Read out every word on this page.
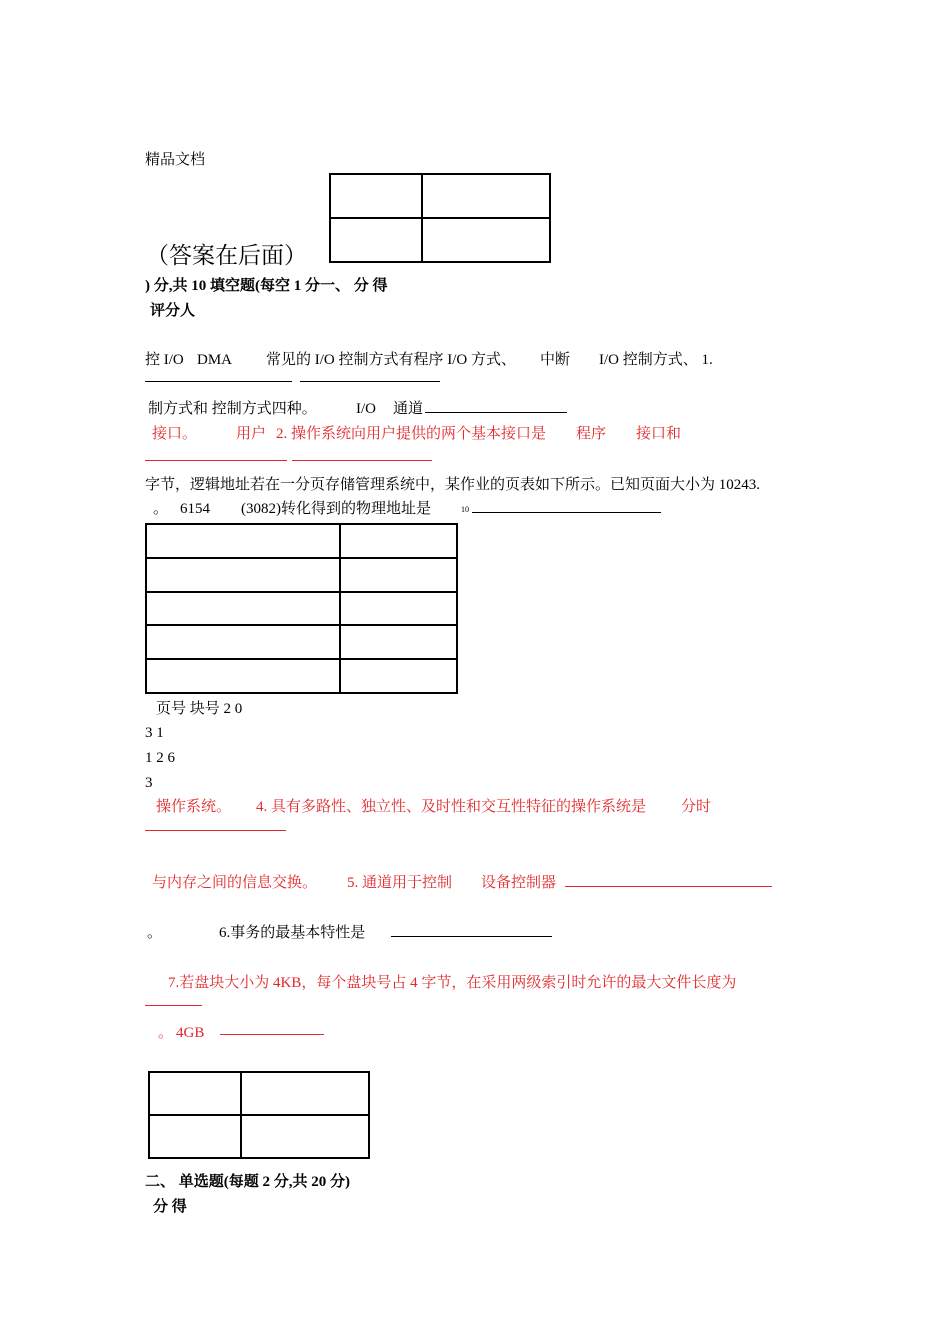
精品文档

（答案在后面）
) 分,共 10 填空题(每空 1 分一、 分 得
评分人
控 I/O DMA 常见的 I/O 控制方式有程序 I/O 方式、 中断 I/O 控制方式、 1.
制方式和 控制方式四种。	I/O 通道
接口。	用户 2. 操作系统向用户提供的两个基本接口是 程序 接口和
字节，逻辑地址若在一分页存储管理系统中，某作业的页表如下所示。已知页面大小为 10243.
。 6154 (3082)转化得到的物理地址是	10

页号 块号 2 0
3 1
1 2 6
3
操作系统。 4. 具有多路性、独立性、及时性和交互性特征的操作系统是 分时
与内存之间的信息交换。 5. 通道用于控制 设备控制器
。	6.事务的最基本特性是
7.若盘块大小为 4KB，每个盘块号占 4 字节，在采用两级索引时允许的最大文件长度为
。 4GB

二、 单选题(每题 2 分,共 20 分)
分 得
